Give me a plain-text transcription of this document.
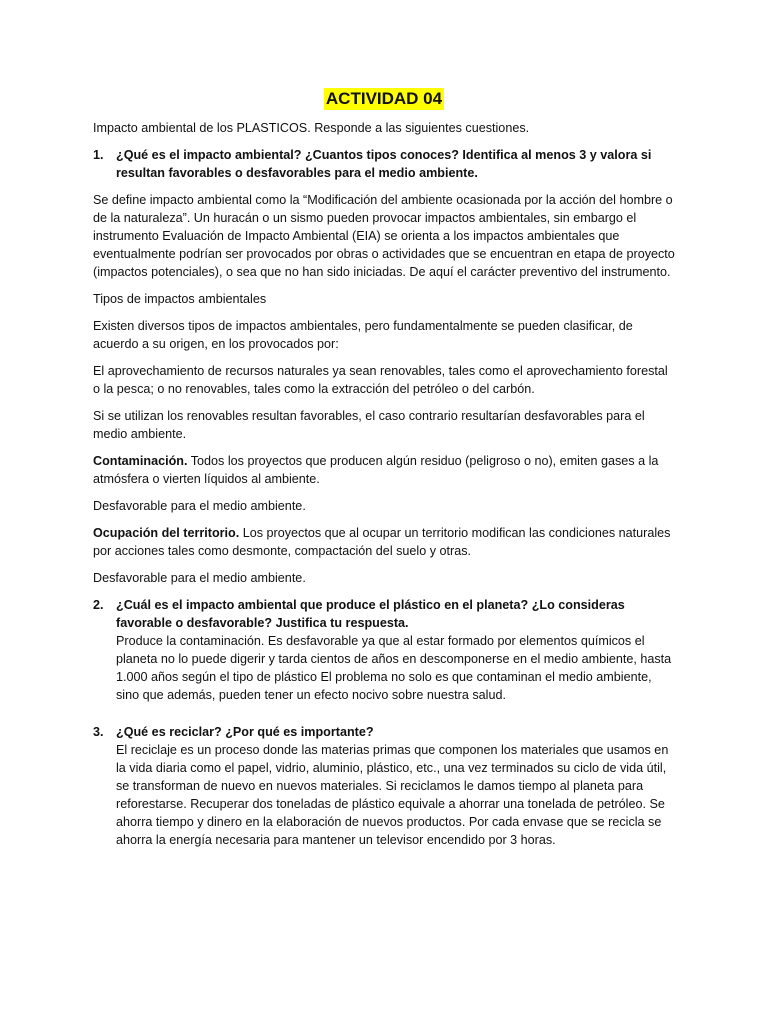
ACTIVIDAD 04

Impacto ambiental de los PLASTICOS. Responde a las siguientes cuestiones.

1. ¿Qué es el impacto ambiental? ¿Cuantos tipos conoces? Identifica al menos 3 y valora si resultan favorables o desfavorables para el medio ambiente.

Se define impacto ambiental como la “Modificación del ambiente ocasionada por la acción del hombre o de la naturaleza”. Un huracán o un sismo pueden provocar impactos ambientales, sin embargo el instrumento Evaluación de Impacto Ambiental (EIA) se orienta a los impactos ambientales que eventualmente podrían ser provocados por obras o actividades que se encuentran en etapa de proyecto (impactos potenciales), o sea que no han sido iniciadas. De aquí el carácter preventivo del instrumento.

Tipos de impactos ambientales

Existen diversos tipos de impactos ambientales, pero fundamentalmente se pueden clasificar, de acuerdo a su origen, en los provocados por:

El aprovechamiento de recursos naturales ya sean renovables, tales como el aprovechamiento forestal o la pesca; o no renovables, tales como la extracción del petróleo o del carbón.

Si se utilizan los renovables resultan favorables, el caso contrario resultarían desfavorables para el medio ambiente.

Contaminación. Todos los proyectos que producen algún residuo (peligroso o no), emiten gases a la atmósfera o vierten líquidos al ambiente.

Desfavorable para el medio ambiente.

Ocupación del territorio. Los proyectos que al ocupar un territorio modifican las condiciones naturales por acciones tales como desmonte, compactación del suelo y otras.

Desfavorable para el medio ambiente.

2. ¿Cuál es el impacto ambiental que produce el plástico en el planeta? ¿Lo consideras favorable o desfavorable? Justifica tu respuesta.
Produce la contaminación. Es desfavorable ya que al estar formado por elementos químicos el planeta no lo puede digerir y tarda cientos de años en descomponerse en el medio ambiente, hasta 1.000 años según el tipo de plástico El problema no solo es que contaminan el medio ambiente, sino que además, pueden tener un efecto nocivo sobre nuestra salud.
3. ¿Qué es reciclar? ¿Por qué es importante?
El reciclaje es un proceso donde las materias primas que componen los materiales que usamos en la vida diaria como el papel, vidrio, aluminio, plástico, etc., una vez terminados su ciclo de vida útil, se transforman de nuevo en nuevos materiales. Si reciclamos le damos tiempo al planeta para reforestarse. Recuperar dos toneladas de plástico equivale a ahorrar una tonelada de petróleo. Se ahorra tiempo y dinero en la elaboración de nuevos productos. Por cada envase que se recicla se ahorra la energía necesaria para mantener un televisor encendido por 3 horas.
